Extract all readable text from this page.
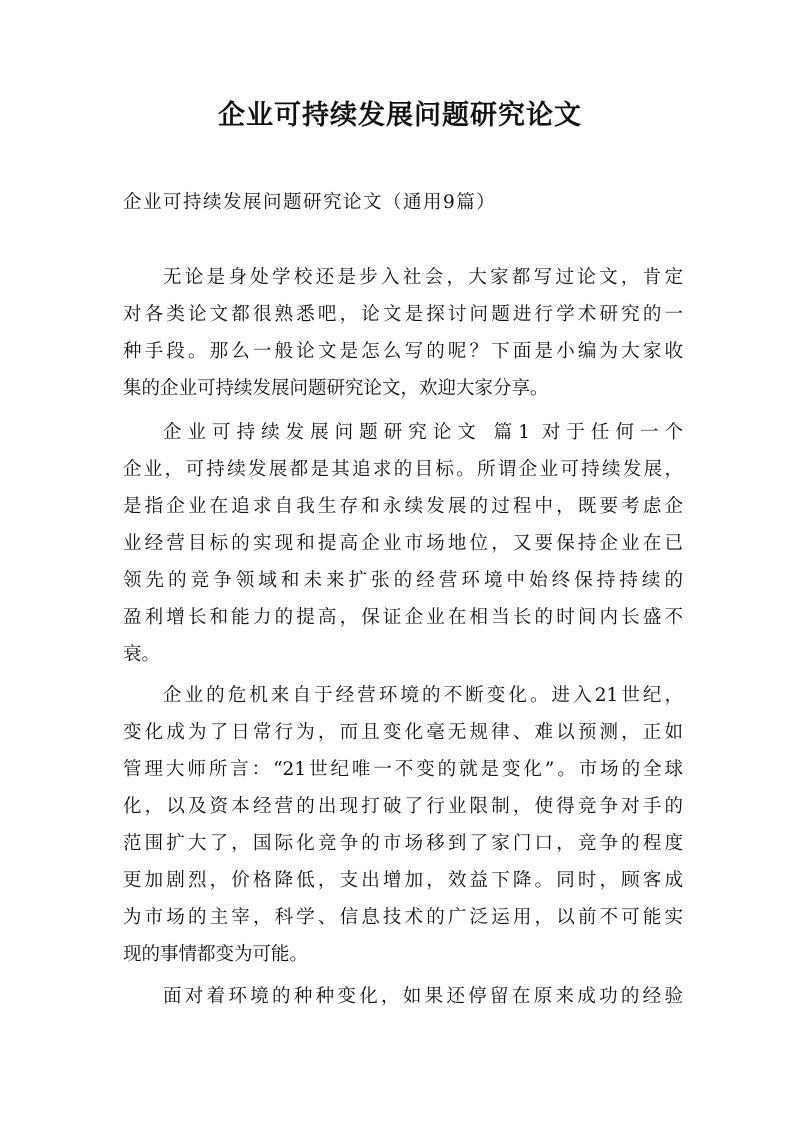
企业可持续发展问题研究论文

企业可持续发展问题研究论文（通用9篇）

无论是身处学校还是步入社会，大家都写过论文，肯定

对各类论文都很熟悉吧，论文是探讨问题进行学术研究的一

种手段。那么一般论文是怎么写的呢？下面是小编为大家收

集的企业可持续发展问题研究论文，欢迎大家分享。

企业可持续发展问题研究论文 篇1 对于任何一个

企业，可持续发展都是其追求的目标。所谓企业可持续发展，

是指企业在追求自我生存和永续发展的过程中，既要考虑企

业经营目标的实现和提高企业市场地位，又要保持企业在已

领先的竞争领域和未来扩张的经营环境中始终保持持续的

盈利增长和能力的提高，保证企业在相当长的时间内长盛不

衰。

企业的危机来自于经营环境的不断变化。进入21世纪，

变化成为了日常行为，而且变化毫无规律、难以预测，正如

管理大师所言：“21世纪唯一不变的就是变化”。市场的全球

化，以及资本经营的出现打破了行业限制，使得竞争对手的

范围扩大了，国际化竞争的市场移到了家门口，竞争的程度

更加剧烈，价格降低，支出增加，效益下降。同时，顾客成

为市场的主宰，科学、信息技术的广泛运用，以前不可能实

现的事情都变为可能。

面对着环境的种种变化，如果还停留在原来成功的经验
